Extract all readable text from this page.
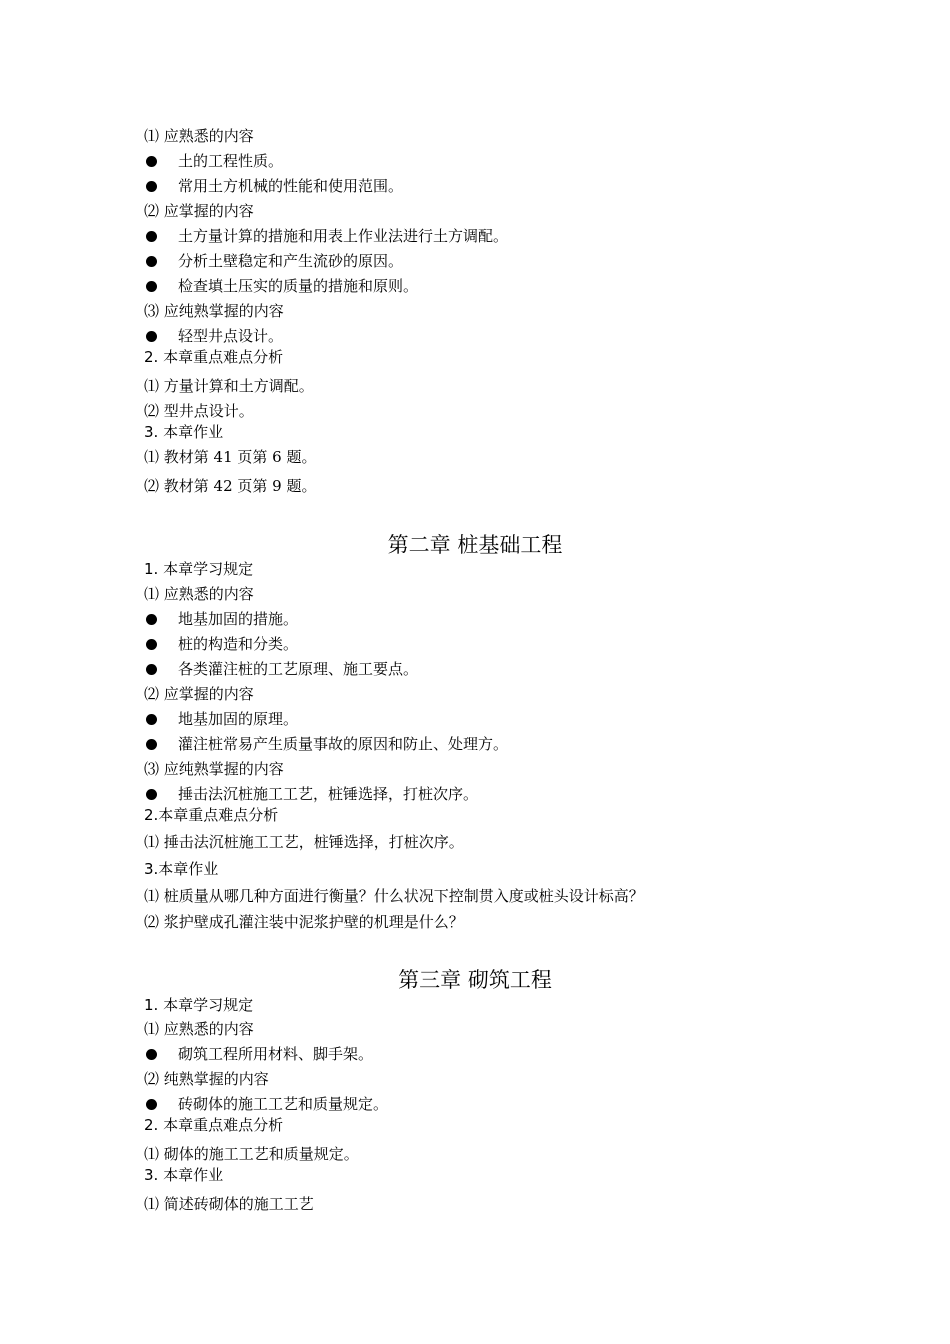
⑴ 应熟悉的内容
土的工程性质。
常用土方机械的性能和使用范围。
⑵ 应掌握的内容
土方量计算的措施和用表上作业法进行土方调配。
分析土壁稳定和产生流砂的原因。
检查填土压实的质量的措施和原则。
⑶ 应纯熟掌握的内容
轻型井点设计。
2. 本章重点难点分析
⑴ 方量计算和土方调配。
⑵ 型井点设计。
3. 本章作业
⑴ 教材第 41 页第 6 题。
⑵ 教材第 42 页第 9 题。
第二章 桩基础工程
1. 本章学习规定
⑴ 应熟悉的内容
地基加固的措施。
桩的构造和分类。
各类灌注桩的工艺原理、施工要点。
⑵ 应掌握的内容
地基加固的原理。
灌注桩常易产生质量事故的原因和防止、处理方。
⑶ 应纯熟掌握的内容
捶击法沉桩施工工艺，桩锤选择，打桩次序。
2.本章重点难点分析
⑴ 捶击法沉桩施工工艺，桩锤选择，打桩次序。
3.本章作业
⑴ 桩质量从哪几种方面进行衡量？什么状况下控制贯入度或桩头设计标高？
⑵ 浆护壁成孔灌注装中泥浆护壁的机理是什么？
第三章 砌筑工程
1. 本章学习规定
⑴ 应熟悉的内容
砌筑工程所用材料、脚手架。
⑵ 纯熟掌握的内容
砖砌体的施工工艺和质量规定。
2. 本章重点难点分析
⑴ 砌体的施工工艺和质量规定。
3. 本章作业
⑴ 简述砖砌体的施工工艺
